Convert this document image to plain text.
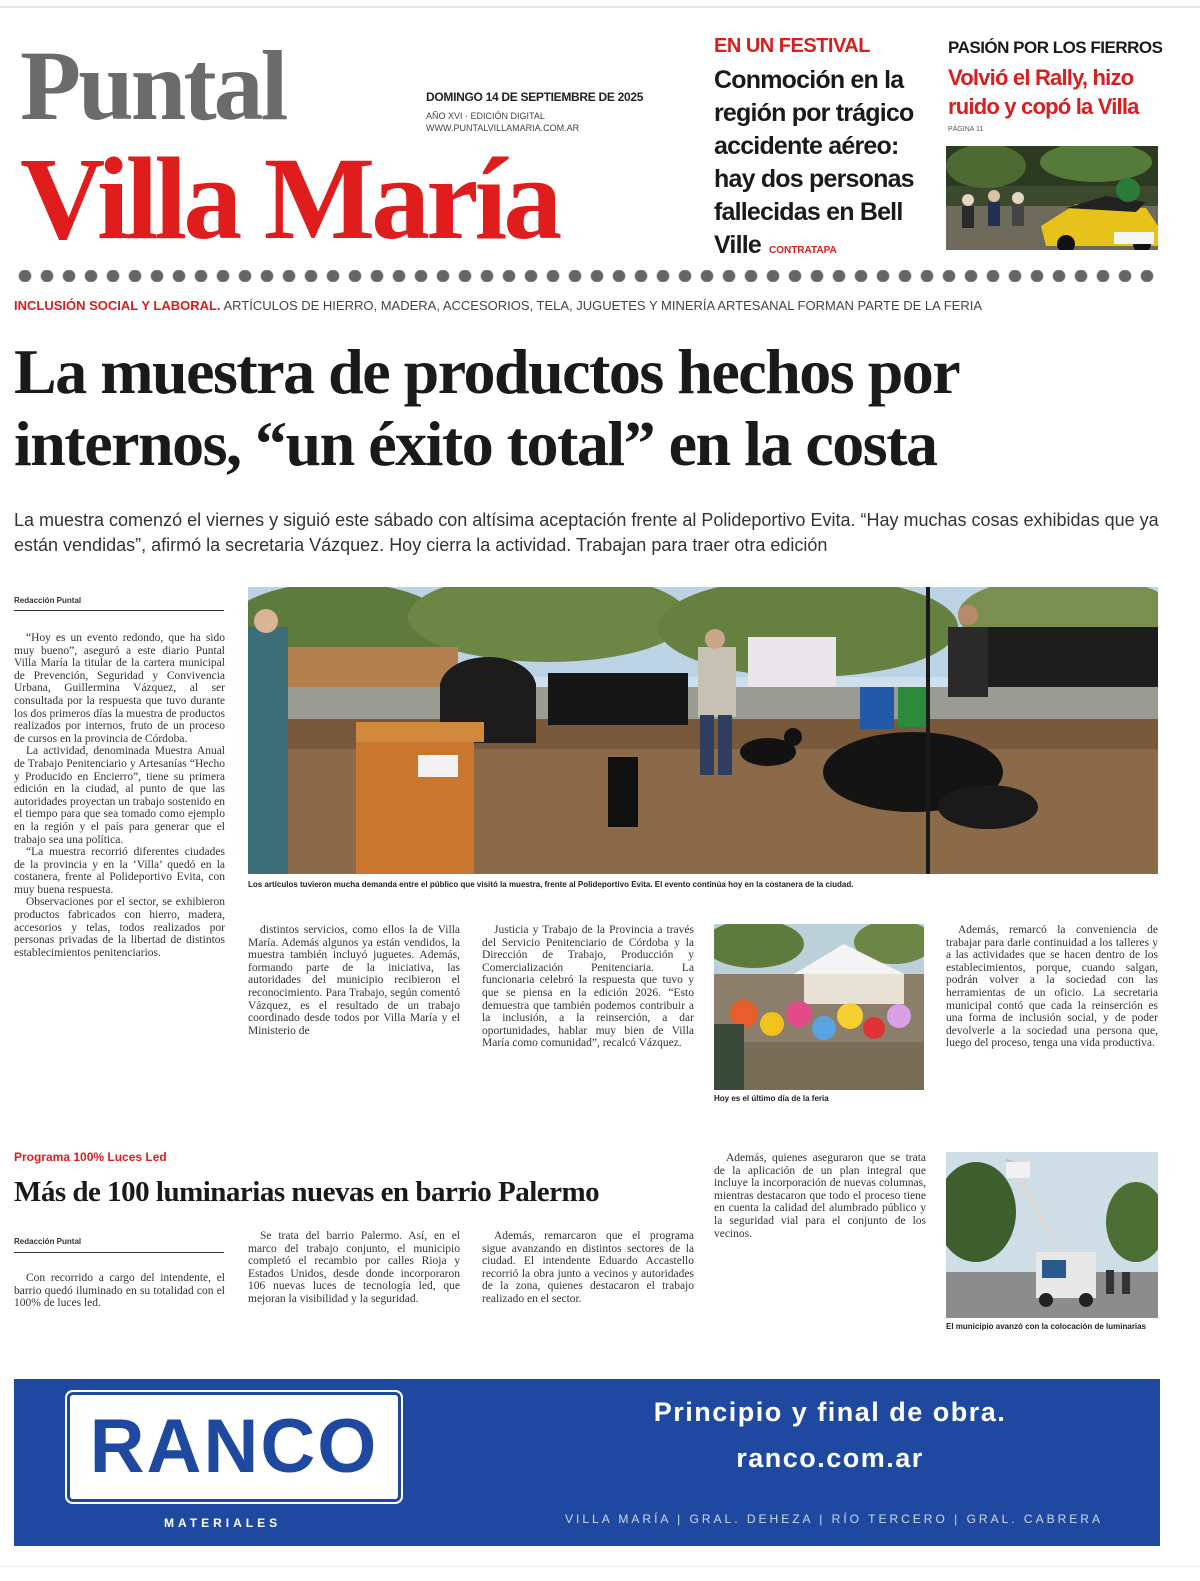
Puntal
Villa María
DOMINGO 14 DE SEPTIEMBRE DE 2025
AÑO XVI · EDICIÓN DIGITAL
WWW.PUNTALVILLAMARIA.COM.AR
EN UN FESTIVAL
Conmoción en la región por trágico accidente aéreo: hay dos personas fallecidas en Bell Ville CONTRATAPA
PASIÓN POR LOS FIERROS
Volvió el Rally, hizo ruido y copó la Villa
PÁGINA 11
INCLUSIÓN SOCIAL Y LABORAL. ARTÍCULOS DE HIERRO, MADERA, ACCESORIOS, TELA, JUGUETES Y MINERÍA ARTESANAL FORMAN PARTE DE LA FERIA
La muestra de productos hechos por internos, “un éxito total” en la costa
La muestra comenzó el viernes y siguió este sábado con altísima aceptación frente al Polideportivo Evita. “Hay muchas cosas exhibidas que ya están vendidas”, afirmó la secretaria Vázquez. Hoy cierra la actividad. Trabajan para traer otra edición
Redacción Puntal

“Hoy es un evento redondo, que ha sido muy bueno”, aseguró a este diario Puntal Villa María la titular de la cartera municipal de Prevención, Seguridad y Convivencia Urbana, Guillermina Vázquez, al ser consultada por la respuesta que tuvo durante los dos primeros días la muestra de productos realizados por internos, fruto de un proceso de cursos en la provincia de Córdoba.

La actividad, denominada Muestra Anual de Trabajo Penitenciario y Artesanías “Hecho y Producido en Encierro”, tiene su primera edición en la ciudad, al punto de que las autoridades proyectan un trabajo sostenido en el tiempo para que sea tomado como ejemplo en la región y el país para generar que el trabajo sea una política.

“La muestra recorrió diferentes ciudades de la provincia y en la ‘Villa’ quedó en la costanera, frente al Polideportivo Evita, con muy buena respuesta.

Observaciones por el sector, se exhibieron productos fabricados con hierro, madera, accesorios y telas, todos realizados por personas privadas de la libertad de distintos establecimientos penitenciarios.

Los artículos tuvieron mucha demanda entre el público que visitó la muestra, frente al Polideportivo Evita. El evento continúa hoy en la costanera de la ciudad.

distintos servicios, como ellos la de Villa María. Además algunos ya están vendidos, la muestra también incluyó juguetes. Además, formando parte de la iniciativa, las autoridades del municipio recibieron el reconocimiento. Para Trabajo, según comentó Vázquez, es el resultado de un trabajo coordinado desde todos por Villa María y el Ministerio de

Justicia y Trabajo de la Provincia a través del Servicio Penitenciario de Córdoba y la Dirección de Trabajo, Producción y Comercialización Penitenciaria. La funcionaria celebró la respuesta que tuvo y que se piensa en la edición 2026. “Esto demuestra que también podemos contribuir a la inclusión, a la reinserción, a dar oportunidades, hablar muy bien de Villa María como comunidad”, recalcó Vázquez.

Hoy es el último día de la feria

Además, remarcó la conveniencia de trabajar para darle continuidad a los talleres y a las actividades que se hacen dentro de los establecimientos, porque, cuando salgan, podrán volver a la sociedad con las herramientas de un oficio. La secretaria municipal contó que cada la reinserción es una forma de inclusión social, y de poder devolverle a la sociedad una persona que, luego del proceso, tenga una vida productiva.

Programa 100% Luces Led
Más de 100 luminarias nuevas en barrio Palermo
Redacción Puntal

Con recorrido a cargo del intendente, el barrio quedó iluminado en su totalidad con el 100% de luces led.

Se trata del barrio Palermo. Así, en el marco del trabajo conjunto, el municipio completó el recambio por calles Rioja y Estados Unidos, desde donde incorporaron 106 nuevas luces de tecnología led, que mejoran la visibilidad y la seguridad.

Además, remarcaron que el programa sigue avanzando en distintos sectores de la ciudad. El intendente Eduardo Accastello recorrió la obra junto a vecinos y autoridades de la zona, quienes destacaron el trabajo realizado en el sector.

Además, quienes aseguraron que se trata de la aplicación de un plan integral que incluye la incorporación de nuevas columnas, mientras destacaron que todo el proceso tiene en cuenta la calidad del alumbrado público y la seguridad vial para el conjunto de los vecinos.

El municipio avanzó con la colocación de luminarias
RANCO
MATERIALES
Principio y final de obra.
ranco.com.ar
VILLA MARÍA | GRAL. DEHEZA | RÍO TERCERO | GRAL. CABRERA
